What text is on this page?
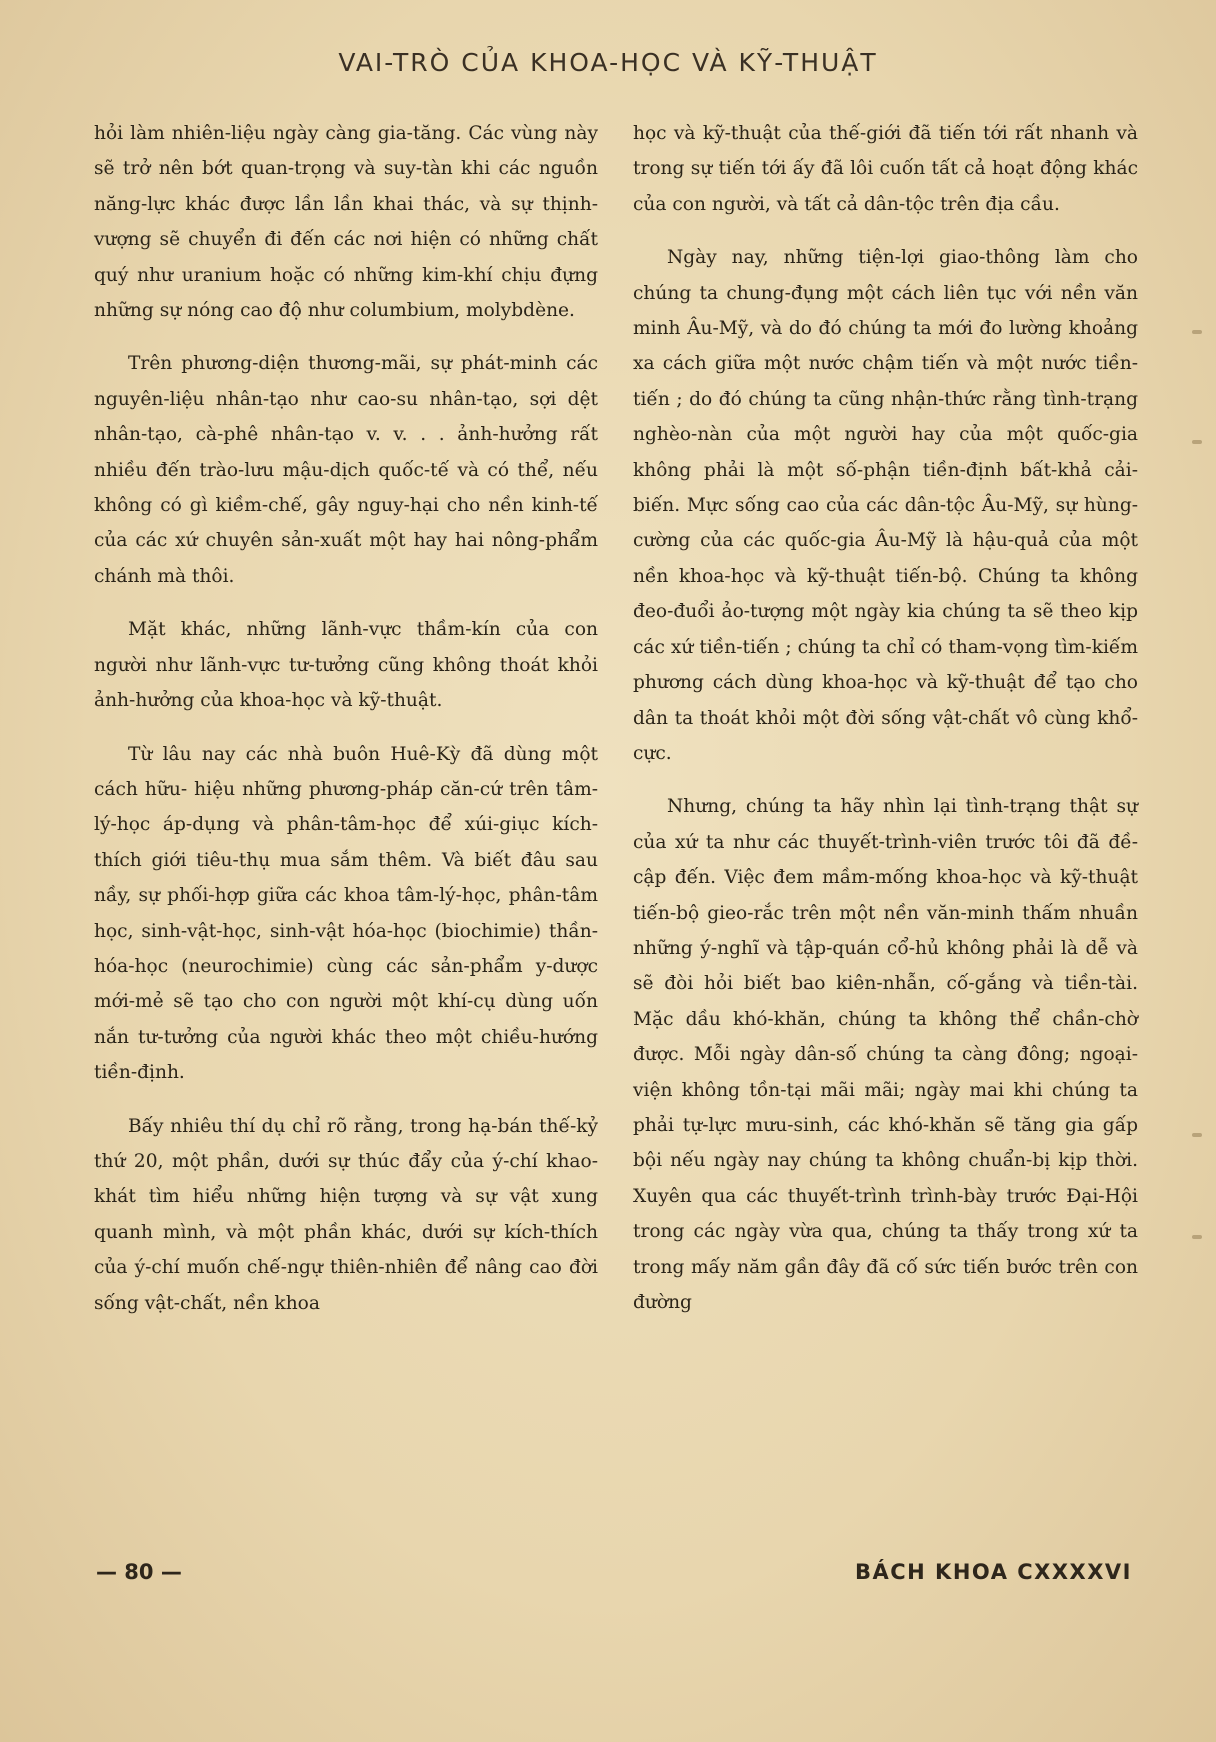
VAI-TRÒ CỦA KHOA-HỌC VÀ KỸ-THUẬT

hỏi làm nhiên-liệu ngày càng gia-tăng. Các vùng này sẽ trở nên bớt quan-trọng và suy-tàn khi các nguồn năng-lực khác được lần lần khai thác, và sự thịnh-vượng sẽ chuyển đi đến các nơi hiện có những chất quý như uranium hoặc có những kim-khí chịu đựng những sự nóng cao độ như columbium, molybdène.

Trên phương-diện thương-mãi, sự phát-minh các nguyên-liệu nhân-tạo như cao-su nhân-tạo, sợi dệt nhân-tạo, cà-phê nhân-tạo v. v. . . ảnh-hưởng rất nhiều đến trào-lưu mậu-dịch quốc-tế và có thể, nếu không có gì kiềm-chế, gây nguy-hại cho nền kinh-tế của các xứ chuyên sản-xuất một hay hai nông-phẩm chánh mà thôi.

Mặt khác, những lãnh-vực thầm-kín của con người như lãnh-vực tư-tưởng cũng không thoát khỏi ảnh-hưởng của khoa-học và kỹ-thuật.

Từ lâu nay các nhà buôn Huê-Kỳ đã dùng một cách hữu- hiệu những phương-pháp căn-cứ trên tâm-lý-học áp-dụng và phân-tâm-học để xúi-giục kích-thích giới tiêu-thụ mua sắm thêm. Và biết đâu sau nầy, sự phối-hợp giữa các khoa tâm-lý-học, phân-tâm học, sinh-vật-học, sinh-vật hóa-học (biochimie) thần-hóa-học (neurochimie) cùng các sản-phẩm y-dược mới-mẻ sẽ tạo cho con người một khí-cụ dùng uốn nắn tư-tưởng của người khác theo một chiều-hướng tiền-định.

Bấy nhiêu thí dụ chỉ rõ rằng, trong hạ-bán thế-kỷ thứ 20, một phần, dưới sự thúc đẩy của ý-chí khao-khát tìm hiểu những hiện tượng và sự vật xung quanh mình, và một phần khác, dưới sự kích-thích của ý-chí muốn chế-ngự thiên-nhiên để nâng cao đời sống vật-chất, nền khoa

học và kỹ-thuật của thế-giới đã tiến tới rất nhanh và trong sự tiến tới ấy đã lôi cuốn tất cả hoạt động khác của con người, và tất cả dân-tộc trên địa cầu.

Ngày nay, những tiện-lợi giao-thông làm cho chúng ta chung-đụng một cách liên tục với nền văn minh Âu-Mỹ, và do đó chúng ta mới đo lường khoảng xa cách giữa một nước chậm tiến và một nước tiền-tiến ; do đó chúng ta cũng nhận-thức rằng tình-trạng nghèo-nàn của một người hay của một quốc-gia không phải là một số-phận tiền-định bất-khả cải-biến. Mực sống cao của các dân-tộc Âu-Mỹ, sự hùng-cường của các quốc-gia Âu-Mỹ là hậu-quả của một nền khoa-học và kỹ-thuật tiến-bộ. Chúng ta không đeo-đuổi ảo-tượng một ngày kia chúng ta sẽ theo kịp các xứ tiền-tiến ; chúng ta chỉ có tham-vọng tìm-kiếm phương cách dùng khoa-học và kỹ-thuật để tạo cho dân ta thoát khỏi một đời sống vật-chất vô cùng khổ-cực.

Nhưng, chúng ta hãy nhìn lại tình-trạng thật sự của xứ ta như các thuyết-trình-viên trước tôi đã đề-cập đến. Việc đem mầm-mống khoa-học và kỹ-thuật tiến-bộ gieo-rắc trên một nền văn-minh thấm nhuần những ý-nghĩ và tập-quán cổ-hủ không phải là dễ và sẽ đòi hỏi biết bao kiên-nhẫn, cố-gắng và tiền-tài. Mặc dầu khó-khăn, chúng ta không thể chần-chờ được. Mỗi ngày dân-số chúng ta càng đông; ngoại-viện không tồn-tại mãi mãi; ngày mai khi chúng ta phải tự-lực mưu-sinh, các khó-khăn sẽ tăng gia gấp bội nếu ngày nay chúng ta không chuẩn-bị kịp thời. Xuyên qua các thuyết-trình trình-bày trước Đại-Hội trong các ngày vừa qua, chúng ta thấy trong xứ ta trong mấy năm gần đây đã cố sức tiến bước trên con đường

— 80 —	BÁCH KHOA CXXXXVI
